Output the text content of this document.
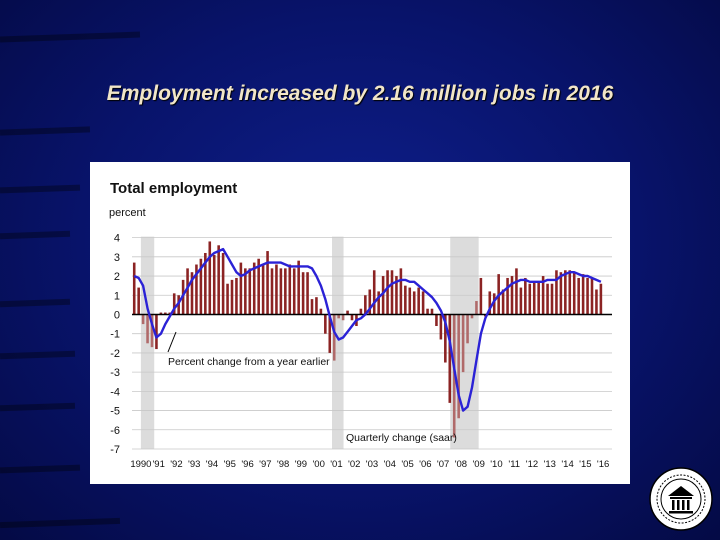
Employment increased by 2.16 million jobs in 2016
Total employment
percent
4
3
2
1
0
-1
-2
-3
-4
-5
-6
-7
1990 '91 '92 '93 '94 '95 '96 '97 '98 '99 '00 '01 '02 '03 '04 '05 '06 '07 '08 '09 '10 '11 '12 '13 '14 '15 '16
Percent change from a year earlier
Quarterly change (saar)
